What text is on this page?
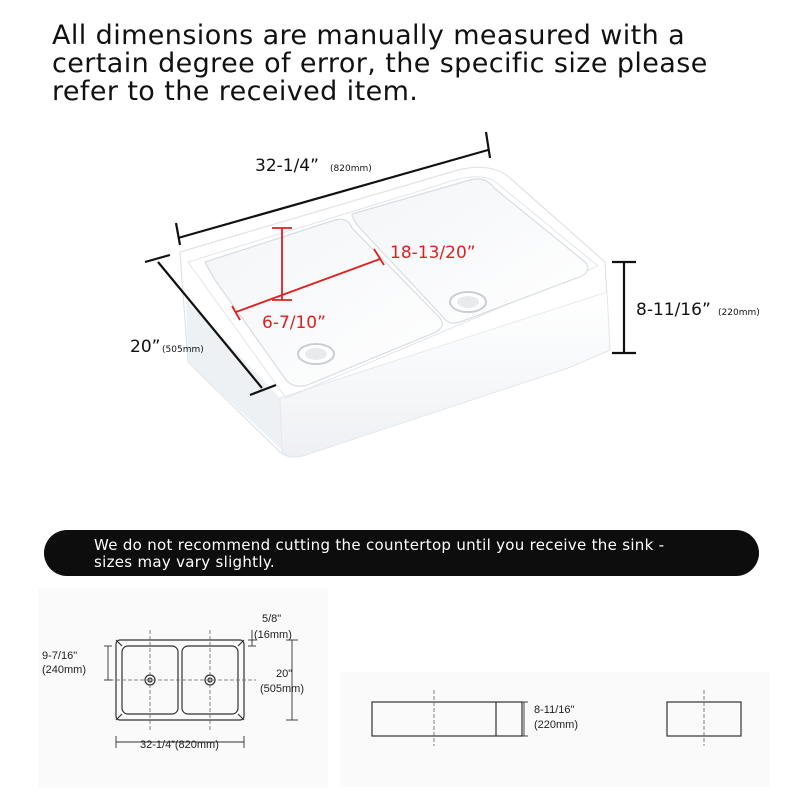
All dimensions are manually measured with a certain degree of error, the specific size please refer to the received item.

32-1/4” (820mm)
20” (505mm)
8-11/16” (220mm)
18-13/20”
6-7/10”
9-7/16"
(240mm)
5/8"
(16mm)
20"
(505mm)
32-1/4”(820mm)
8-11/16"
(220mm)
We do not recommend cutting the countertop until you receive the sink -
sizes may vary slightly.
